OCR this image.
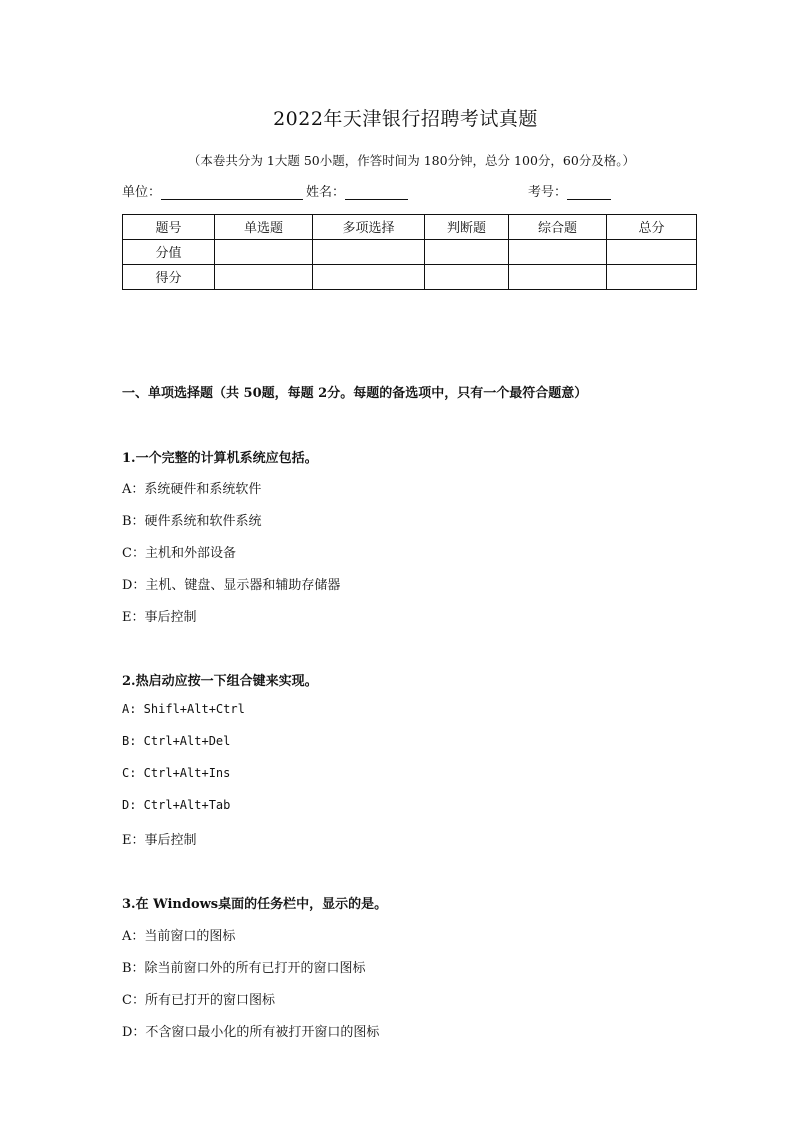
2022年天津银行招聘考试真题
（本卷共分为 1大题 50小题，作答时间为 180分钟，总分 100分，60分及格。）
单位：	姓名：	考号：
题号	单选题	多项选择	判断题	综合题	总分
分值					
得分					
一、单项选择题（共 50题，每题 2分。每题的备选项中，只有一个最符合题意）
1.一个完整的计算机系统应包括。
A：系统硬件和系统软件
B：硬件系统和软件系统
C：主机和外部设备
D：主机、键盘、显示器和辅助存储器
E：事后控制
2.热启动应按一下组合键来实现。
A: Shifl+Alt+Ctrl
B: Ctrl+Alt+Del
C: Ctrl+Alt+Ins
D: Ctrl+Alt+Tab
E：事后控制
3.在 Windows桌面的任务栏中，显示的是。
A：当前窗口的图标
B：除当前窗口外的所有已打开的窗口图标
C：所有已打开的窗口图标
D：不含窗口最小化的所有被打开窗口的图标
